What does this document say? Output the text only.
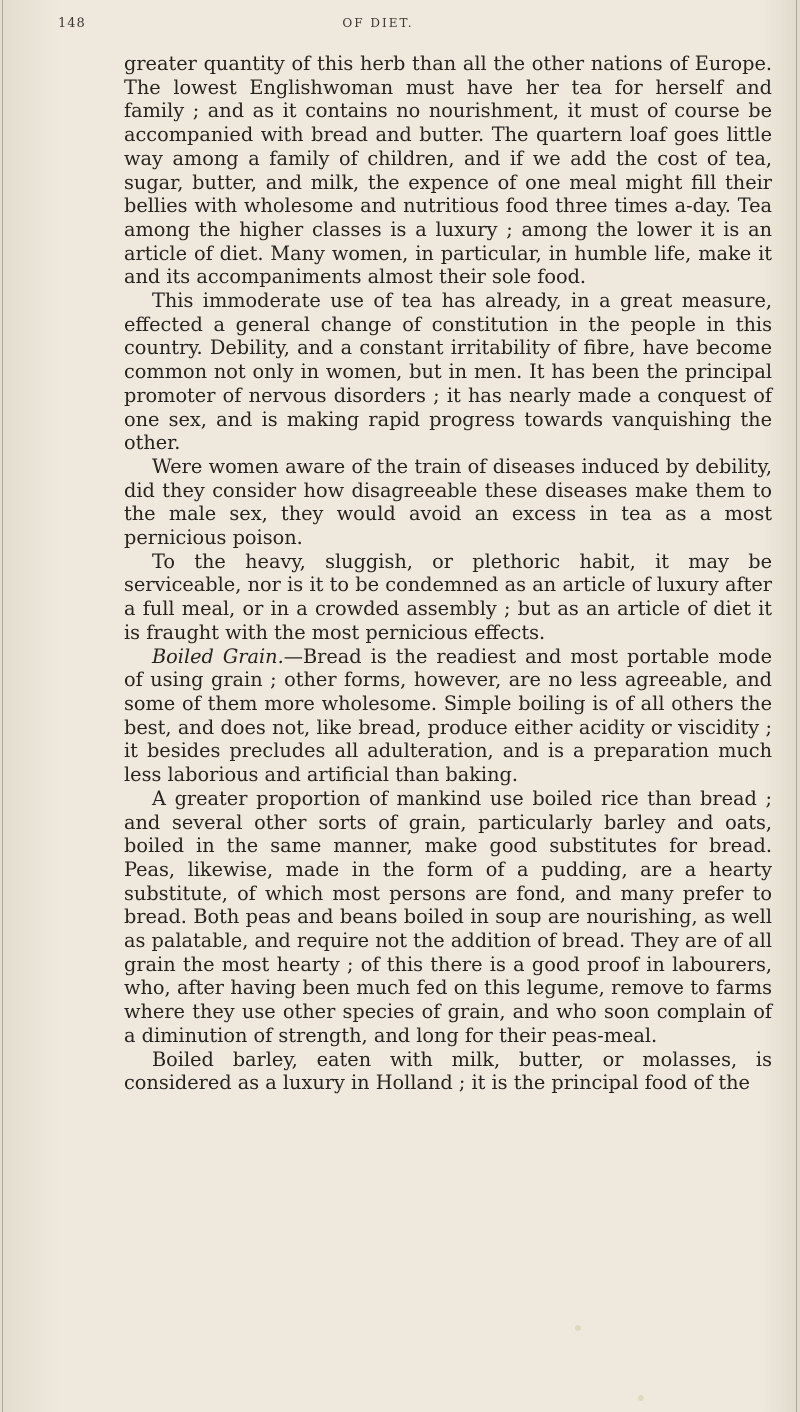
148	OF DIET.

greater quantity of this herb than all the other nations of Europe. The lowest Englishwoman must have her tea for herself and family ; and as it contains no nourishment, it must of course be accompanied with bread and butter. The quartern loaf goes little way among a family of children, and if we add the cost of tea, sugar, butter, and milk, the expence of one meal might fill their bellies with wholesome and nutritious food three times a-day. Tea among the higher classes is a luxury ; among the lower it is an article of diet. Many women, in particular, in humble life, make it and its accompaniments almost their sole food.

This immoderate use of tea has already, in a great measure, effected a general change of constitution in the people in this country. Debility, and a constant irritability of fibre, have become common not only in women, but in men. It has been the principal promoter of nervous disorders ; it has nearly made a conquest of one sex, and is making rapid progress towards vanquishing the other.

Were women aware of the train of diseases induced by debility, did they consider how disagreeable these diseases make them to the male sex, they would avoid an excess in tea as a most pernicious poison.

To the heavy, sluggish, or plethoric habit, it may be serviceable, nor is it to be condemned as an article of luxury after a full meal, or in a crowded assembly ; but as an article of diet it is fraught with the most pernicious effects.

Boiled Grain.—Bread is the readiest and most portable mode of using grain ; other forms, however, are no less agreeable, and some of them more wholesome. Simple boiling is of all others the best, and does not, like bread, produce either acidity or viscidity ; it besides precludes all adulteration, and is a preparation much less laborious and artificial than baking.

A greater proportion of mankind use boiled rice than bread ; and several other sorts of grain, particularly barley and oats, boiled in the same manner, make good substitutes for bread. Peas, likewise, made in the form of a pudding, are a hearty substitute, of which most persons are fond, and many prefer to bread. Both peas and beans boiled in soup are nourishing, as well as palatable, and require not the addition of bread. They are of all grain the most hearty ; of this there is a good proof in labourers, who, after having been much fed on this legume, remove to farms where they use other species of grain, and who soon complain of a diminution of strength, and long for their peas-meal.

Boiled barley, eaten with milk, butter, or molasses, is considered as a luxury in Holland ; it is the principal food of the
